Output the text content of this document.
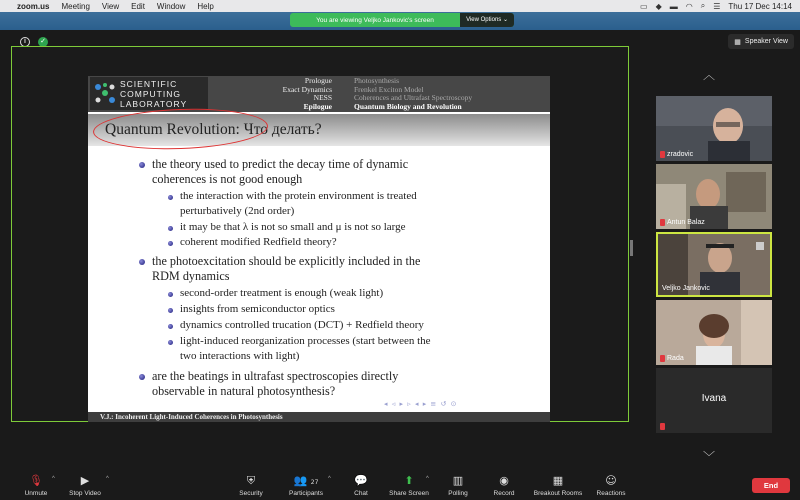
zoom.us Meeting View Edit Window Help	▭ ◆ ▬ ◠ ⌕ ☰ Thu 17 Dec 14:14
You are viewing Veljko Jankovic's screen	View Options ⌄
i	✓	▦ Speaker View
SCIENTIFIC
COMPUTING
LABORATORY
Prologue
Exact Dynamics
NESS
Epilogue
Photosynthesis
Frenkel Exciton Model
Coherences and Ultrafast Spectroscopy
Quantum Biology and Revolution
Quantum Revolution: Что делать?
the theory used to predict the decay time of dynamic
coherences is not good enough
the interaction with the protein environment is treated
perturbatively (2nd order)
it may be that λ is not so small and μ is not so large
coherent modified Redfield theory?
the photoexcitation should be explicitly included in the
RDM dynamics
second-order treatment is enough (weak light)
insights from semiconductor optics
dynamics controlled trucation (DCT) + Redfield theory
light-induced reorganization processes (start between the
two interactions with light)
are the beatings in ultrafast spectroscopies directly
observable in natural photosynthesis?
◂ ◃ ▸ ▹ ◂ ▸ ≡ ↺ ⊙
V.J.: Incoherent Light-Induced Coherences in Photosynthesis
︿
zradovic
Antun Balaz
Veljko Jankovic
Rada
Ivana
﹀
🎙
Unmute
^	▶
Stop Video
^	⛨
Security
👥 27
Participants
^	💬
Chat
⬆
Share Screen
^	▥
Polling
◉
Record
▦
Breakout Rooms
☺
Reactions
End
